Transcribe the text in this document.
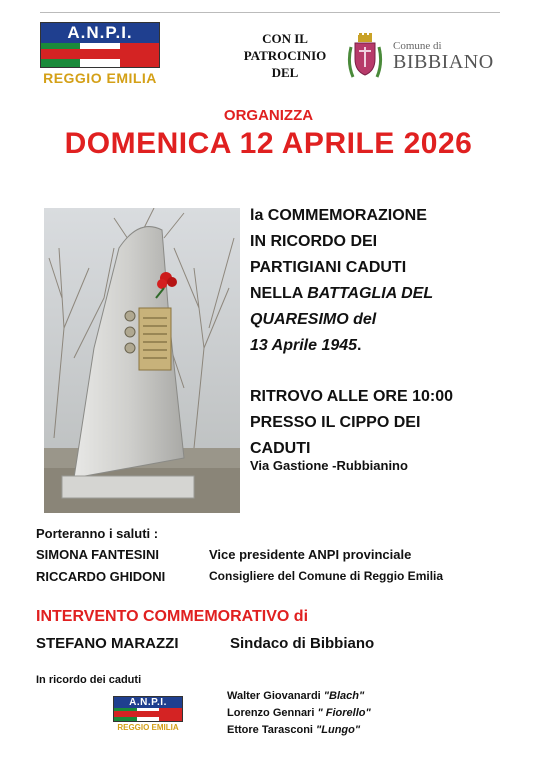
A.N.P.I.
REGGIO EMILIA
CON IL
PATROCINIO
DEL
Comune di
BIBBIANO
ORGANIZZA
DOMENICA 12 APRILE 2026
la COMMEMORAZIONE
IN RICORDO DEI
PARTIGIANI CADUTI
NELLA BATTAGLIA DEL
QUARESIMO del
13 Aprile 1945.
RITROVO ALLE ORE 10:00
PRESSO IL CIPPO DEI
CADUTI
Via Gastione -Rubbianino
Porteranno i saluti :
SIMONA FANTESINI	Vice presidente ANPI provinciale
RICCARDO GHIDONI	Consigliere del Comune di Reggio Emilia
INTERVENTO COMMEMORATIVO di
STEFANO MARAZZI	Sindaco di Bibbiano
In ricordo dei caduti
A.N.P.I.
REGGIO EMILIA
Walter Giovanardi "Blach"
Lorenzo Gennari " Fiorello"
Ettore Tarasconi "Lungo"
